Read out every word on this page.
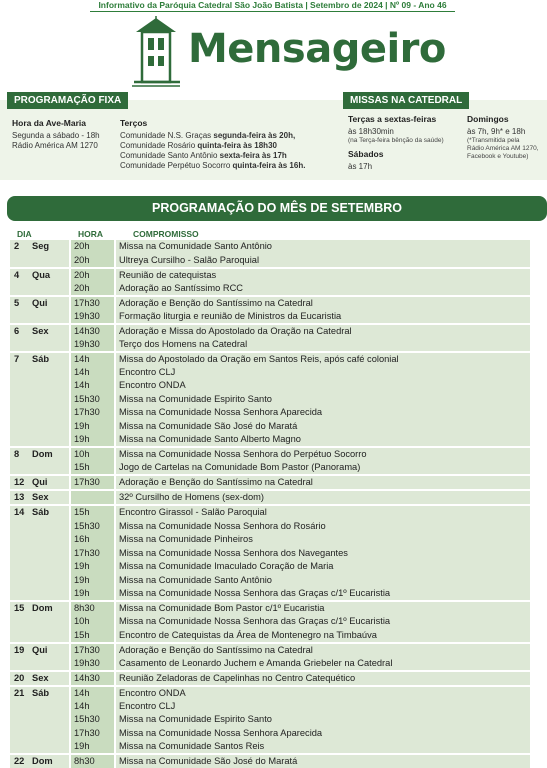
Informativo da Paróquia Catedral São João Batista | Setembro de 2024 | Nº 09 - Ano 46
Mensageiro
PROGRAMAÇÃO FIXA	MISSAS NA CATEDRAL
Hora da Ave-Maria
Segunda a sábado - 18h
Rádio América AM 1270
Terços
Comunidade N.S. Graças segunda-feira às 20h,
Comunidade Rosário quinta-feira às 18h30
Comunidade Santo Antônio sexta-feira às 17h
Comunidade Perpétuo Socorro quinta-feira às 16h.
Terças a sextas-feiras
às 18h30min
(na Terça-feira bênção da saúde)
Sábados
às 17h
Domingos
às 7h, 9h* e 18h
(*Transmitida pela
Rádio América AM 1270,
Facebook e Youtube)
PROGRAMAÇÃO DO MÊS DE SETEMBRO
DIA	HORA	COMPROMISSO
2 Seg	20h	Missa na Comunidade Santo Antônio
	20h	Ultreya Cursilho - Salão Paroquial
4 Qua	20h	Reunião de catequistas
	20h	Adoração ao Santíssimo RCC
5 Qui	17h30	Adoração e Benção do Santíssimo na Catedral
	19h30	Formação liturgia e reunião de Ministros da Eucaristia
6 Sex	14h30	Adoração e Missa do Apostolado da Oração na Catedral
	19h30	Terço dos Homens na Catedral
7 Sáb	14h	Missa do Apostolado da Oração em Santos Reis, após café colonial
	14h	Encontro CLJ
	14h	Encontro ONDA
	15h30	Missa na Comunidade Espirito Santo
	17h30	Missa na Comunidade Nossa Senhora Aparecida
	19h	Missa na Comunidade São José do Maratá
	19h	Missa na Comunidade Santo Alberto Magno
8 Dom	10h	Missa na Comunidade Nossa Senhora do Perpétuo Socorro
	15h	Jogo de Cartelas na Comunidade Bom Pastor (Panorama)
12 Qui	17h30	Adoração e Benção do Santíssimo na Catedral
13 Sex		32º Cursilho de Homens (sex-dom)
14 Sáb	15h	Encontro Girassol - Salão Paroquial
	15h30	Missa na Comunidade Nossa Senhora do Rosário
	16h	Missa na Comunidade Pinheiros
	17h30	Missa na Comunidade Nossa Senhora dos Navegantes
	19h	Missa na Comunidade Imaculado Coração de Maria
	19h	Missa na Comunidade Santo Antônio
	19h	Missa na Comunidade Nossa Senhora das Graças c/1º Eucaristia
15 Dom	8h30	Missa na Comunidade Bom Pastor c/1º Eucaristia
	10h	Missa na Comunidade Nossa Senhora das Graças c/1º Eucaristia
	15h	Encontro de Catequistas da Área de Montenegro na Timbaúva
19 Qui	17h30	Adoração e Benção do Santíssimo na Catedral
	19h30	Casamento de Leonardo Juchem e Amanda Griebeler na Catedral
20 Sex	14h30	Reunião Zeladoras de Capelinhas no Centro Catequético
21 Sáb	14h	Encontro ONDA
	14h	Encontro CLJ
	15h30	Missa na Comunidade Espirito Santo
	17h30	Missa na Comunidade Nossa Senhora Aparecida
	19h	Missa na Comunidade Santos Reis
22 Dom	8h30	Missa na Comunidade São José do Maratá
